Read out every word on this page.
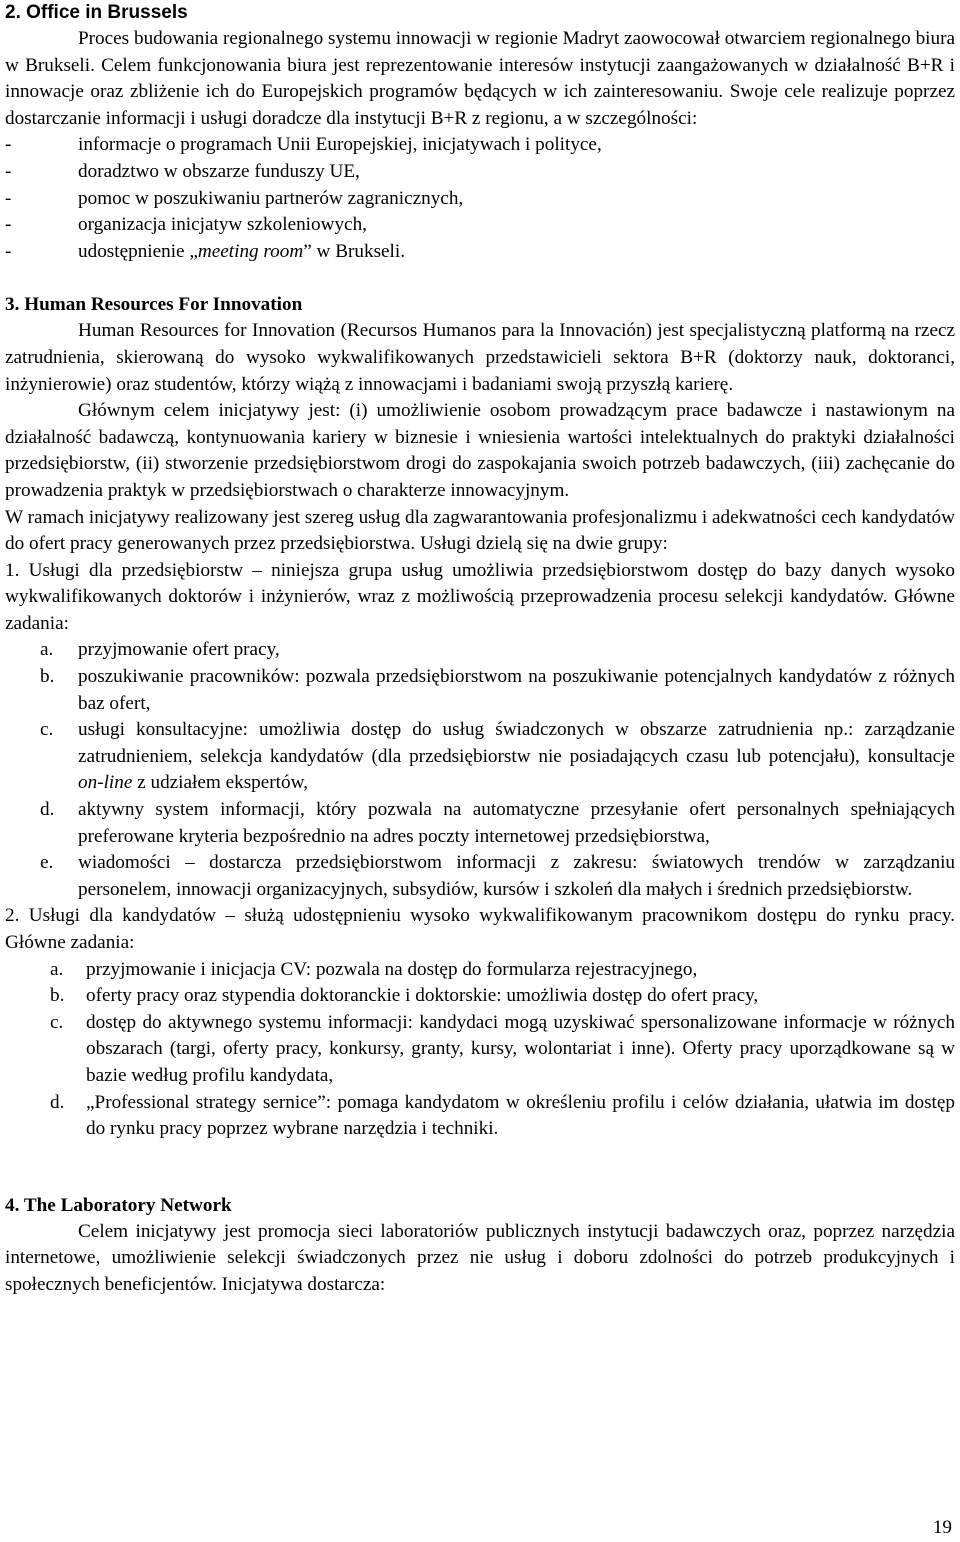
2. Office in Brussels

Proces budowania regionalnego systemu innowacji w regionie Madryt zaowocował otwarciem regionalnego biura w Brukseli. Celem funkcjonowania biura jest reprezentowanie interesów instytucji zaangażowanych w działalność B+R i innowacje oraz zbliżenie ich do Europejskich programów będących w ich zainteresowaniu. Swoje cele realizuje poprzez dostarczanie informacji i usługi doradcze dla instytucji B+R z regionu, a w szczególności:

-	informacje o programach Unii Europejskiej, inicjatywach i polityce,
-	doradztwo w obszarze funduszy UE,
-	pomoc w poszukiwaniu partnerów zagranicznych,
-	organizacja inicjatyw szkoleniowych,
-	udostępnienie „meeting room” w Brukseli.
3. Human Resources For Innovation

Human Resources for Innovation (Recursos Humanos para la Innovación) jest specjalistyczną platformą na rzecz zatrudnienia, skierowaną do wysoko wykwalifikowanych przedstawicieli sektora B+R (doktorzy nauk, doktoranci, inżynierowie) oraz studentów, którzy wiążą z innowacjami i badaniami swoją przyszłą karierę.

Głównym celem inicjatywy jest: (i) umożliwienie osobom prowadzącym prace badawcze i nastawionym na działalność badawczą, kontynuowania kariery w biznesie i wniesienia wartości intelektualnych do praktyki działalności przedsiębiorstw, (ii) stworzenie przedsiębiorstwom drogi do zaspokajania swoich potrzeb badawczych, (iii) zachęcanie do prowadzenia praktyk w przedsiębiorstwach o charakterze innowacyjnym.

W ramach inicjatywy realizowany jest szereg usług dla zagwarantowania profesjonalizmu i adekwatności cech kandydatów do ofert pracy generowanych przez przedsiębiorstwa. Usługi dzielą się na dwie grupy:

1. Usługi dla przedsiębiorstw – niniejsza grupa usług umożliwia przedsiębiorstwom dostęp do bazy danych wysoko wykwalifikowanych doktorów i inżynierów, wraz z możliwością przeprowadzenia procesu selekcji kandydatów. Główne zadania:

a. przyjmowanie ofert pracy,
b. poszukiwanie pracowników: pozwala przedsiębiorstwom na poszukiwanie potencjalnych kandydatów z różnych baz ofert,
c. usługi konsultacyjne: umożliwia dostęp do usług świadczonych w obszarze zatrudnienia np.: zarządzanie zatrudnieniem, selekcja kandydatów (dla przedsiębiorstw nie posiadających czasu lub potencjału), konsultacje on-line z udziałem ekspertów,
d. aktywny system informacji, który pozwala na automatyczne przesyłanie ofert personalnych spełniających preferowane kryteria bezpośrednio na adres poczty internetowej przedsiębiorstwa,
e. wiadomości – dostarcza przedsiębiorstwom informacji z zakresu: światowych trendów w zarządzaniu personelem, innowacji organizacyjnych, subsydiów, kursów i szkoleń dla małych i średnich przedsiębiorstw.

2. Usługi dla kandydatów – służą udostępnieniu wysoko wykwalifikowanym pracownikom dostępu do rynku pracy. Główne zadania:

a. przyjmowanie i inicjacja CV: pozwala na dostęp do formularza rejestracyjnego,
b. oferty pracy oraz stypendia doktoranckie i doktorskie: umożliwia dostęp do ofert pracy,
c. dostęp do aktywnego systemu informacji: kandydaci mogą uzyskiwać spersonalizowane informacje w różnych obszarach (targi, oferty pracy, konkursy, granty, kursy, wolontariat i inne). Oferty pracy uporządkowane są w bazie według profilu kandydata,
d. „Professional strategy sernice”: pomaga kandydatom w określeniu profilu i celów działania, ułatwia im dostęp do rynku pracy poprzez wybrane narzędzia i techniki.
4. The Laboratory Network

Celem inicjatywy jest promocja sieci laboratoriów publicznych instytucji badawczych oraz, poprzez narzędzia internetowe, umożliwienie selekcji świadczonych przez nie usług i doboru zdolności do potrzeb produkcyjnych i społecznych beneficjentów. Inicjatywa dostarcza:

19
